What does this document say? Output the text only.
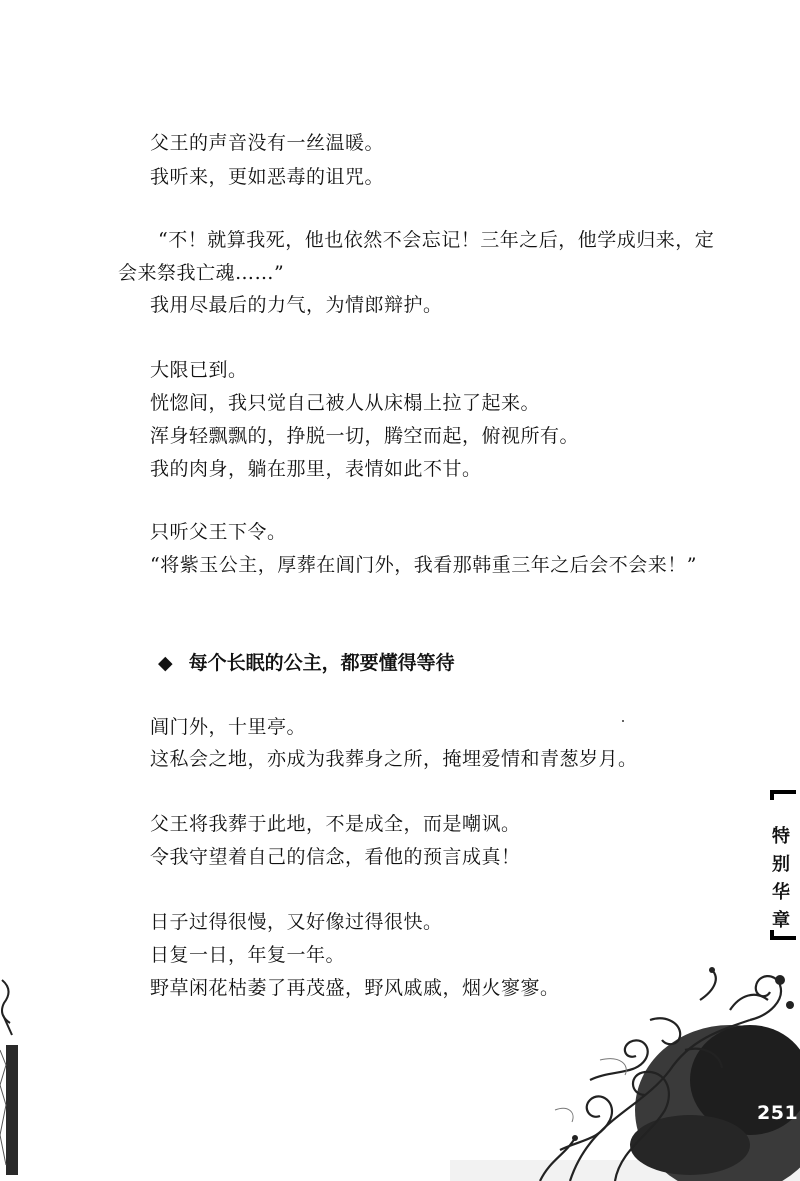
父王的声音没有一丝温暖。
我听来，更如恶毒的诅咒。
“不！就算我死，他也依然不会忘记！三年之后，他学成归来，定
会来祭我亡魂……”
我用尽最后的力气，为情郎辩护。
大限已到。
恍惚间，我只觉自己被人从床榻上拉了起来。
浑身轻飘飘的，挣脱一切，腾空而起，俯视所有。
我的肉身，躺在那里，表情如此不甘。
只听父王下令。
“将紫玉公主，厚葬在阊门外，我看那韩重三年之后会不会来！”
◆ 每个长眠的公主，都要懂得等待
阊门外，十里亭。
这私会之地，亦成为我葬身之所，掩埋爱情和青葱岁月。
父王将我葬于此地，不是成全，而是嘲讽。
令我守望着自己的信念，看他的预言成真！
日子过得很慢，又好像过得很快。
日复一日，年复一年。
野草闲花枯萎了再茂盛，野风戚戚，烟火寥寥。
特
别
华
章
251
